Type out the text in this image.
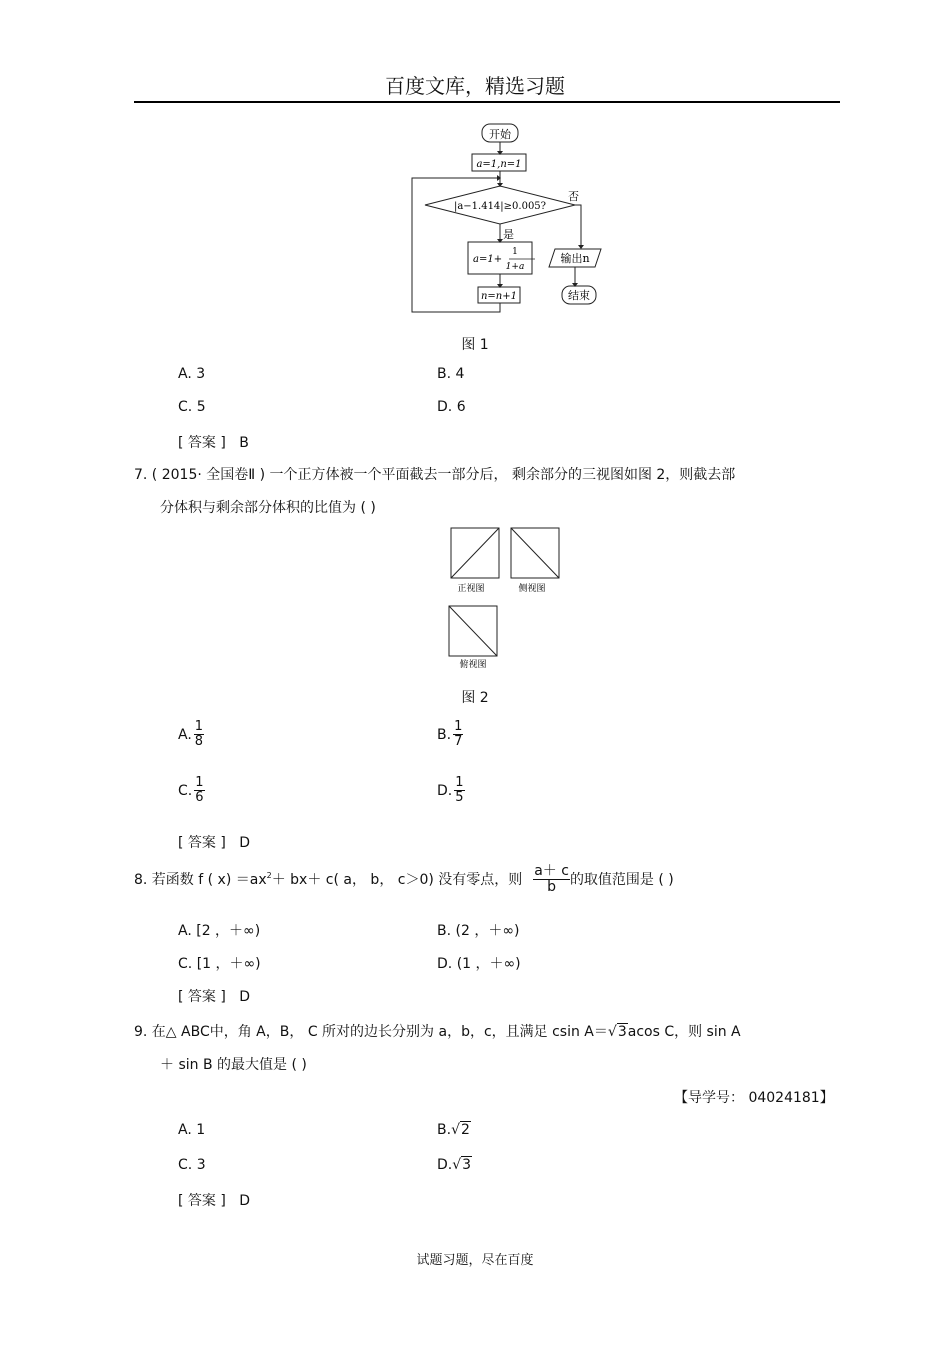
百度文库，精选习题
开始
a=1,n=1
|a−1.414|≥0.005?
否
是
a=1+
1
1+a
n=n+1
输出n
结束
图 1
A. 3	B. 4
C. 5	D. 6
[ 答案 ] B
7. ( 2015· 全国卷Ⅱ ) 一个正方体被一个平面截去一部分后， 剩余部分的三视图如图 2，则截去部
分体积与剩余部分体积的比值为 ( )
正视图	侧视图
俯视图
图 2
A. $\frac{1}{8}$	B. $\frac{1}{7}$
C. $\frac{1}{6}$	D. $\frac{1}{5}$
[ 答案 ] D
8. 若函数 f ( $x) =ax^2+ bx+ c$( a， b， c＞0) 没有零点，则 $\frac{a+ c}{b}$ 的取值范围是 ( )
A. [2 ，＋∞)	B. (2 ，＋∞)
C. [1 ，＋∞)	D. (1 ，＋∞)
[ 答案 ] D
9. 在△ ABC中，角 A，B， C 所对的边长分别为 a，b，c，且满足 csin A＝√3acos C，则 sin A
＋ sin B 的最大值是 ( )
【导学号： 04024181】
A. 1	B.√2
C. 3	D.√3
[ 答案 ] D
试题习题，尽在百度
